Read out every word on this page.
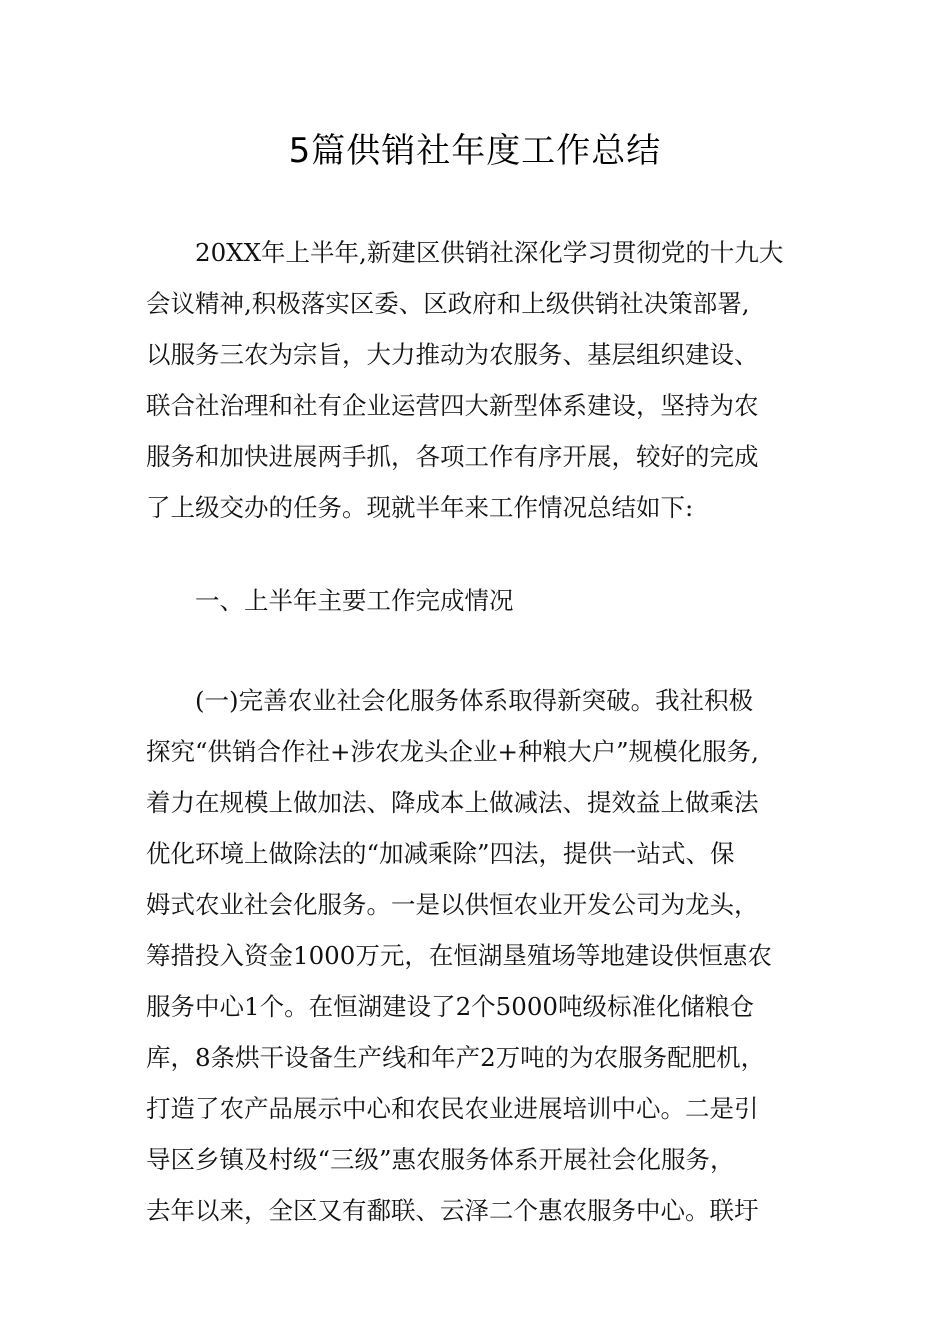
5篇供销社年度工作总结

20XX年上半年,新建区供销社深化学习贯彻党的十九大
会议精神,积极落实区委、区政府和上级供销社决策部署,
以服务三农为宗旨，大力推动为农服务、基层组织建设、
联合社治理和社有企业运营四大新型体系建设，坚持为农
服务和加快进展两手抓，各项工作有序开展，较好的完成
了上级交办的任务。现就半年来工作情况总结如下:

一、上半年主要工作完成情况

(一)完善农业社会化服务体系取得新突破。我社积极
探究“供销合作社+涉农龙头企业+种粮大户”规模化服务,
着力在规模上做加法、降成本上做减法、提效益上做乘法
优化环境上做除法的“加减乘除”四法，提供一站式、保
姆式农业社会化服务。一是以供恒农业开发公司为龙头，
筹措投入资金1000万元，在恒湖垦殖场等地建设供恒惠农
服务中心1个。在恒湖建设了2个5000吨级标准化储粮仓
库，8条烘干设备生产线和年产2万吨的为农服务配肥机，
打造了农产品展示中心和农民农业进展培训中心。二是引
导区乡镇及村级“三级”惠农服务体系开展社会化服务，
去年以来，全区又有鄱联、云泽二个惠农服务中心。联圩
